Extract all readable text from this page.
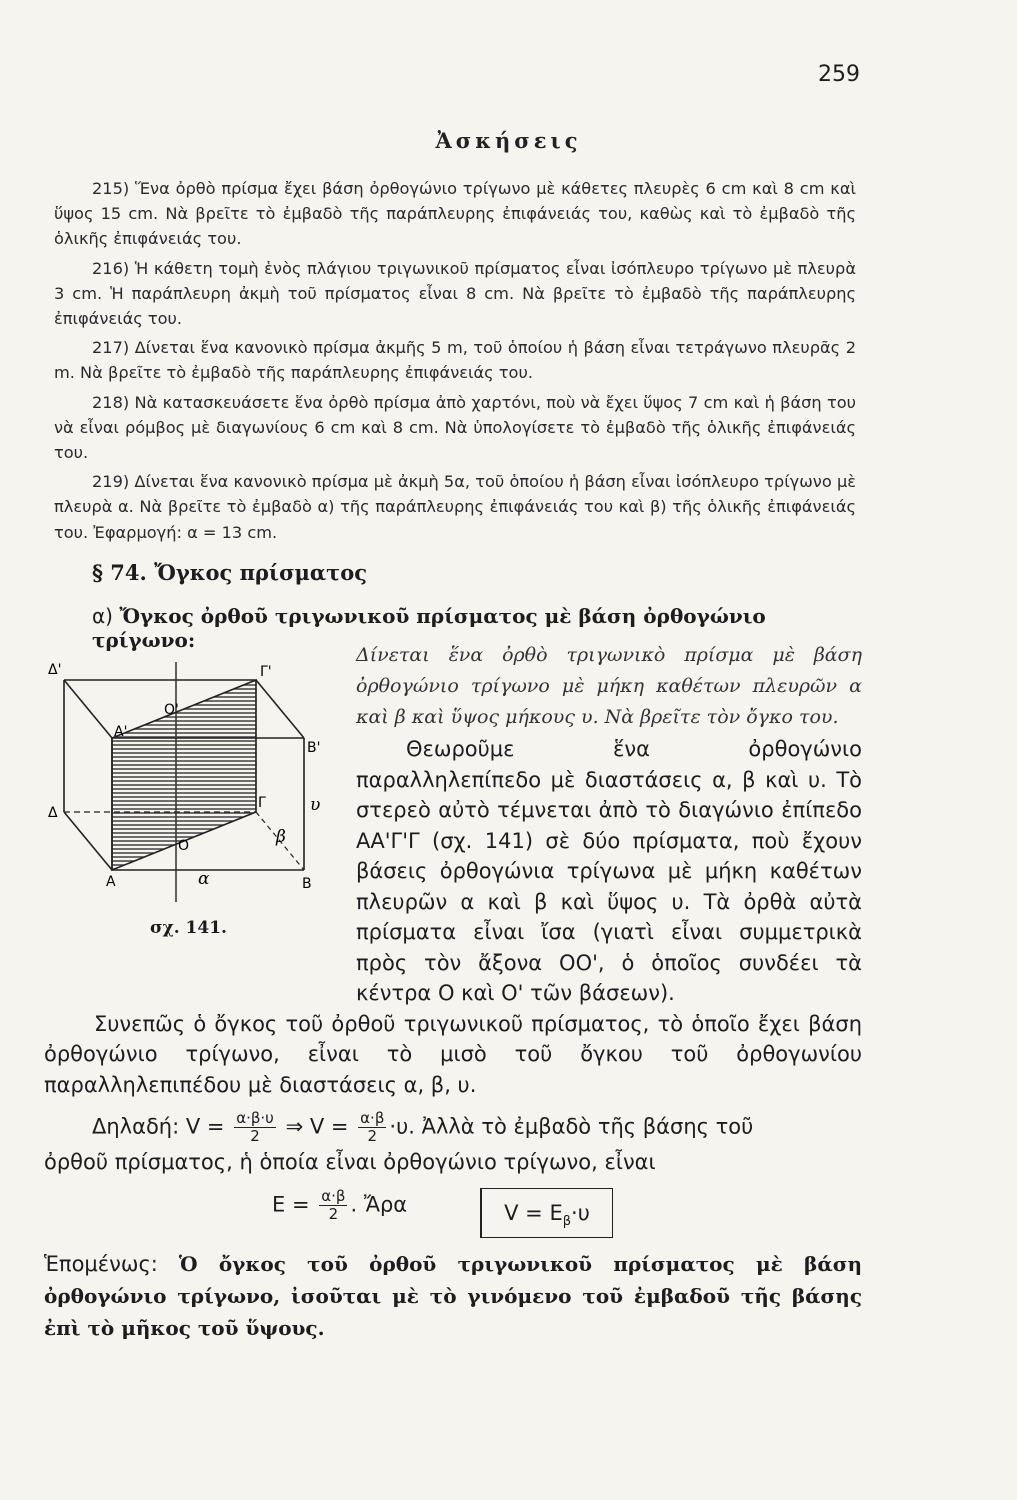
259
Ἀσκήσεις

215) Ἕνα ὀρθὸ πρίσμα ἔχει βάση ὀρθογώνιο τρίγωνο μὲ κάθετες πλευρὲς 6 cm καὶ 8 cm καὶ ὕψος 15 cm. Νὰ βρεῖτε τὸ ἐμβαδὸ τῆς παράπλευρης ἐπιφάνειάς του, καθὼς καὶ τὸ ἐμβαδὸ τῆς ὁλικῆς ἐπιφάνειάς του.

216) Ἡ κάθετη τομὴ ἑνὸς πλάγιου τριγωνικοῦ πρίσματος εἶναι ἰσόπλευρο τρίγωνο μὲ πλευρὰ 3 cm. Ἡ παράπλευρη ἀκμὴ τοῦ πρίσματος εἶναι 8 cm. Νὰ βρεῖτε τὸ ἐμβαδὸ τῆς παράπλευρης ἐπιφάνειάς του.

217) Δίνεται ἕνα κανονικὸ πρίσμα ἀκμῆς 5 m, τοῦ ὁποίου ἡ βάση εἶναι τετράγωνο πλευρᾶς 2 m. Νὰ βρεῖτε τὸ ἐμβαδὸ τῆς παράπλευρης ἐπιφάνειάς του.

218) Νὰ κατασκευάσετε ἕνα ὀρθὸ πρίσμα ἀπὸ χαρτόνι, ποὺ νὰ ἔχει ὕψος 7 cm καὶ ἡ βάση του νὰ εἶναι ρόμβος μὲ διαγωνίους 6 cm καὶ 8 cm. Νὰ ὑπολογίσετε τὸ ἐμβαδὸ τῆς ὁλικῆς ἐπιφάνειάς του.

219) Δίνεται ἕνα κανονικὸ πρίσμα μὲ ἀκμὴ 5α, τοῦ ὁποίου ἡ βάση εἶναι ἰσόπλευρο τρίγωνο μὲ πλευρὰ α. Νὰ βρεῖτε τὸ ἐμβαδὸ α) τῆς παράπλευρης ἐπιφάνειάς του καὶ β) τῆς ὁλικῆς ἐπιφάνειάς του. Ἐφαρμογή: α = 13 cm.

§ 74. Ὄγκος πρίσματος
α) Ὄγκος ὀρθοῦ τριγωνικοῦ πρίσματος μὲ βάση ὀρθογώνιο τρίγωνο:
Δ'	Γ'
O'
A'
B'
Δ
Γ
O
A	B
α
β
υ
σχ. 141.
Δίνεται ἕνα ὀρθὸ τριγωνικὸ πρίσμα μὲ βάση ὀρθογώνιο τρίγωνο μὲ μήκη καθέτων πλευρῶν α καὶ β καὶ ὕψος μήκους υ. Νὰ βρεῖτε τὸν ὄγκο του.

Θεωροῦμε ἕνα ὀρθογώνιο παραλληλεπίπεδο μὲ διαστάσεις α, β καὶ υ. Τὸ στερεὸ αὐτὸ τέμνεται ἀπὸ τὸ διαγώνιο ἐπίπεδο ΑΑ'Γ'Γ (σχ. 141) σὲ δύο πρίσματα, ποὺ ἔχουν βάσεις ὀρθογώνια τρίγωνα μὲ μήκη καθέτων πλευρῶν α καὶ β καὶ ὕψος υ. Τὰ ὀρθὰ αὐτὰ πρίσματα εἶναι ἴσα (γιατὶ εἶναι συμμετρικὰ πρὸς τὸν ἄξονα ΟΟ', ὁ ὁποῖος συνδέει τὰ κέντρα Ο καὶ Ο' τῶν βάσεων).

Συνεπῶς ὁ ὄγκος τοῦ ὀρθοῦ τριγωνικοῦ πρίσματος, τὸ ὁποῖο ἔχει βάση ὀρθογώνιο τρίγωνο, εἶναι τὸ μισὸ τοῦ ὄγκου τοῦ ὀρθογωνίου παραλληλεπιπέδου μὲ διαστάσεις α, β, υ.

Δηλαδή: $V = \frac{\alpha\cdot\beta\cdot\upsilon}{2}$ ⇒ $V = \frac{\alpha\cdot\beta}{2} \cdot\upsilon$. Ἀλλὰ τὸ ἐμβαδὸ τῆς βάσης τοῦ
ὀρθοῦ πρίσματος, ἡ ὁποία εἶναι ὀρθογώνιο τρίγωνο, εἶναι
$E = \frac{\alpha\cdot\beta}{2}$ . Ἄρα	$V = E_\beta\cdot\upsilon$
Ἑπομένως: Ὁ ὄγκος τοῦ ὀρθοῦ τριγωνικοῦ πρίσματος μὲ βάση ὀρθογώνιο τρίγωνο, ἰσοῦται μὲ τὸ γινόμενο τοῦ ἐμβαδοῦ τῆς βάσης ἐπὶ τὸ μῆκος τοῦ ὕψους.
